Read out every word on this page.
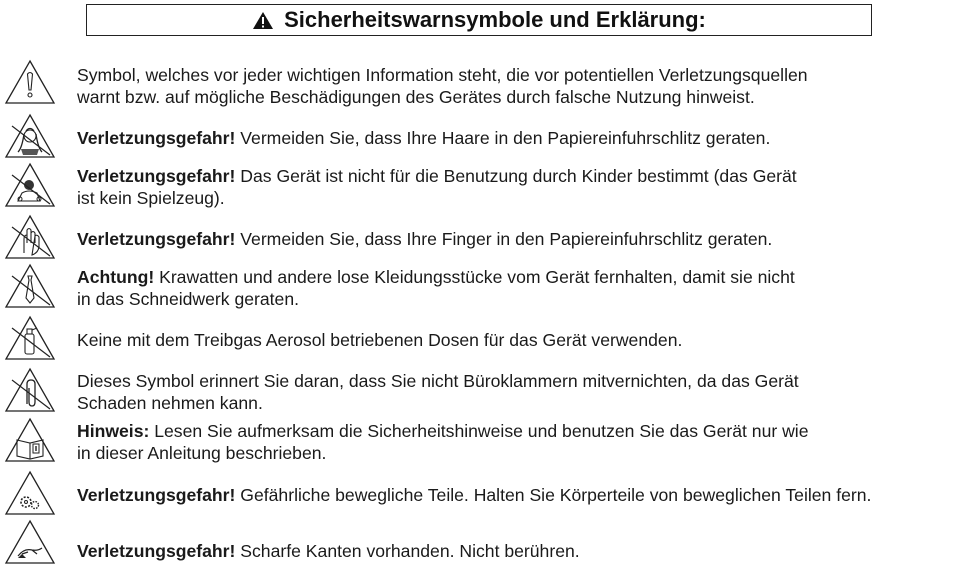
Sicherheitswarnsymbole und Erklärung:
Symbol, welches vor jeder wichtigen Information steht, die vor potentiellen Verletzungsquellen
warnt bzw. auf mögliche Beschädigungen des Gerätes durch falsche Nutzung hinweist.
Verletzungsgefahr! Vermeiden Sie, dass Ihre Haare in den Papiereinfuhrschlitz geraten.
Verletzungsgefahr! Das Gerät ist nicht für die Benutzung durch Kinder bestimmt (das Gerät
ist kein Spielzeug).
Verletzungsgefahr! Vermeiden Sie, dass Ihre Finger in den Papiereinfuhrschlitz geraten.
Achtung! Krawatten und andere lose Kleidungsstücke vom Gerät fernhalten, damit sie nicht
in das Schneidwerk geraten.
Keine mit dem Treibgas Aerosol betriebenen Dosen für das Gerät verwenden.
Dieses Symbol erinnert Sie daran, dass Sie nicht Büroklammern mitvernichten, da das Gerät
Schaden nehmen kann.
Hinweis: Lesen Sie aufmerksam die Sicherheitshinweise und benutzen Sie das Gerät nur wie
in dieser Anleitung beschrieben.
Verletzungsgefahr! Gefährliche bewegliche Teile. Halten Sie Körperteile von beweglichen Teilen fern.
Verletzungsgefahr! Scharfe Kanten vorhanden. Nicht berühren.
